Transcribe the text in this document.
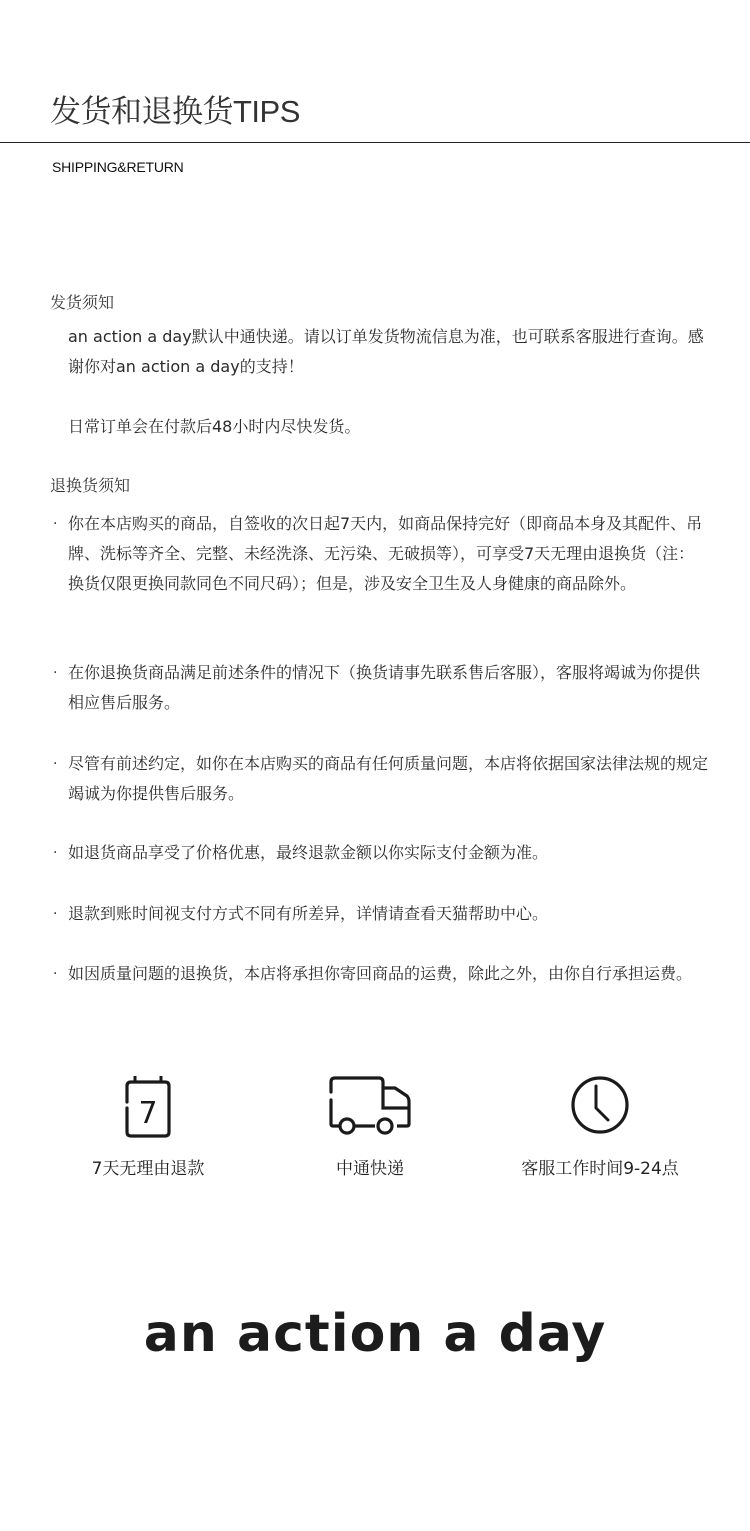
发货和退换货TIPS
SHIPPING&RETURN
发货须知

an action a day默认中通快递。请以订单发货物流信息为准，也可联系客服进行查询。感谢你对an action a day的支持！

日常订单会在付款后48小时内尽快发货。

退换货须知
· 你在本店购买的商品，自签收的次日起7天内，如商品保持完好（即商品本身及其配件、吊牌、洗标等齐全、完整、未经洗涤、无污染、无破损等），可享受7天无理由退换货（注：换货仅限更换同款同色不同尺码）；但是，涉及安全卫生及人身健康的商品除外。
· 在你退换货商品满足前述条件的情况下（换货请事先联系售后客服），客服将竭诚为你提供相应售后服务。
· 尽管有前述约定，如你在本店购买的商品有任何质量问题，本店将依据国家法律法规的规定竭诚为你提供售后服务。
· 如退货商品享受了价格优惠，最终退款金额以你实际支付金额为准。
· 退款到账时间视支付方式不同有所差异，详情请查看天猫帮助中心。
· 如因质量问题的退换货，本店将承担你寄回商品的运费，除此之外，由你自行承担运费。
7
7天无理由退款	中通快递	客服工作时间9-24点
an action a day
